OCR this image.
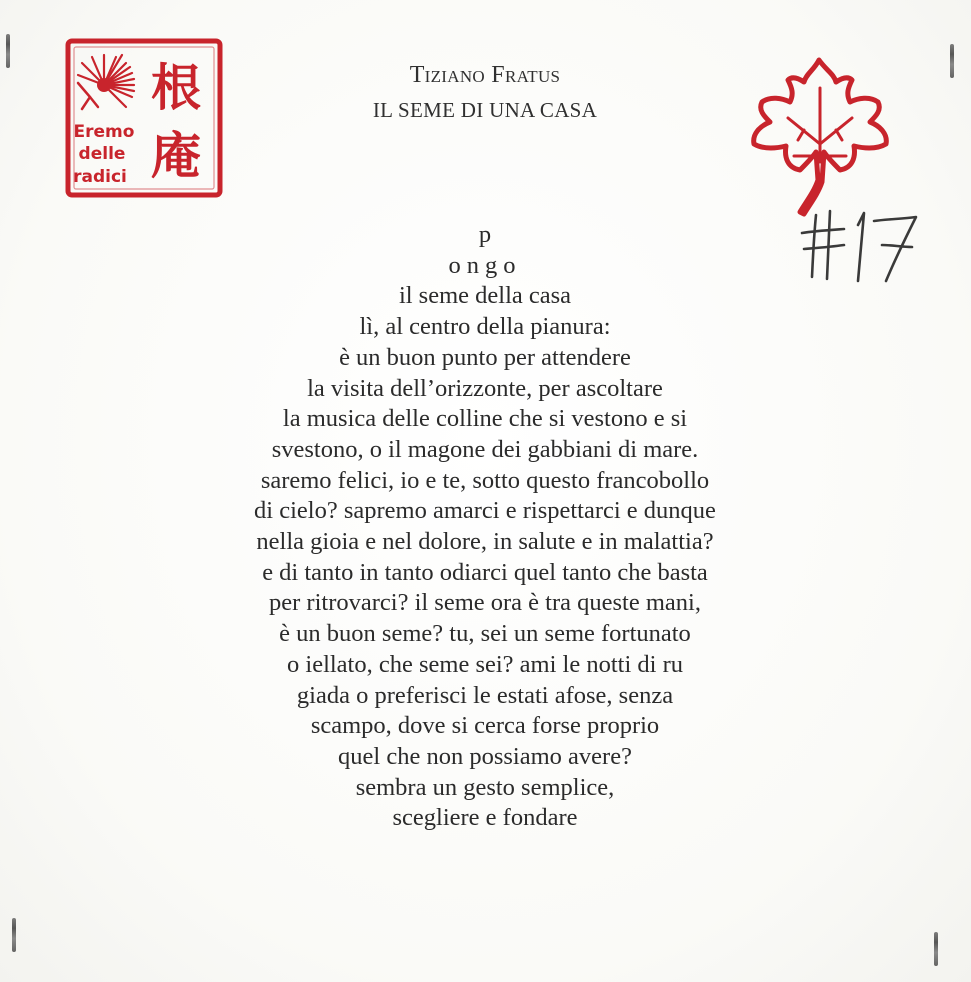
Eremo
delle
radici
根
庵
Tiziano Fratus
IL SEME DI UNA CASA
p
ongo
il seme della casa
lì, al centro della pianura:
è un buon punto per attendere
la visita dell’orizzonte, per ascoltare
la musica delle colline che si vestono e si
svestono, o il magone dei gabbiani di mare.
saremo felici, io e te, sotto questo francobollo
di cielo? sapremo amarci e rispettarci e dunque
nella gioia e nel dolore, in salute e in malattia?
e di tanto in tanto odiarci quel tanto che basta
per ritrovarci? il seme ora è tra queste mani,
è un buon seme? tu, sei un seme fortunato
o iellato, che seme sei? ami le notti di ru
giada o preferisci le estati afose, senza
scampo, dove si cerca forse proprio
quel che non possiamo avere?
sembra un gesto semplice,
scegliere e fondare
